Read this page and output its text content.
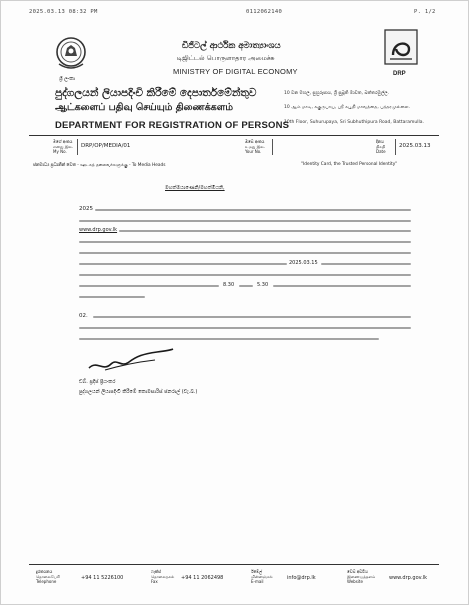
2025.03.13 08:32 PM	0112062140	P. 1/2
ශ්‍රී ලංකා
ඩිජිටල් ආර්ථික අමාත්‍යාංශය
டிஜிட்டல் பொருளாதார அமைச்சு
MINISTRY OF DIGITAL ECONOMY	DRP
පුද්ගලයන් ලියාපදිංචි කිරීමේ දෙපාර්තමේන්තුව
ஆட்களைப் பதிவு செய்யும் திணைக்களம்
DEPARTMENT FOR REGISTRATION OF PERSONS
10 වන මහල, සුහුරුපාය, ශ්‍රී සුබූති මාවත, බත්තරමුල්ල.
10 ஆம் மாடி, சுகுருபாய, ஸ்ரீ சுபூதி மாவத்தை, பத்தரமுல்லை.
10th Floor, Suhurupaya, Sri Subhuthipura Road, Battaramulla.
මගේ අංකය
எனது இல.
My No.
DRP/OP/MEDIA/01
ඔබේ අංකය
உமது இல.
Your No.
දිනය
திகதி
Date
2025.03.13
ජනමාධ්‍ය ප්‍රධානීන් වෙත - ஊடகத் தலைவர்களுக்கு - To Media Heads	"Identity Card, the Trusted Personal Identity"
මහත්මයාණෙනි/මහත්මියනි,
2025
www.drp.gov.lk
2025.03.15
8.30	5.30
02.
ඩබ්. ප්‍රදීප් ප්‍රියංකර
පුද්ගලයන් ලියාපදිංචි කිරීමේ කොමසාරිස් ජනරාල් (වැ.බ.)
දුරකථනය
தொலைபேசி
Telephone
+94 11 5226100
ෆැක්ස්
தொலைநகல்
Fax
+94 11 2062498
ඊමේල්
மின்னஞ்சல்
E-mail
info@drp.lk
වෙබ් අඩවිය
இணையத்தளம்
Website
www.drp.gov.lk
